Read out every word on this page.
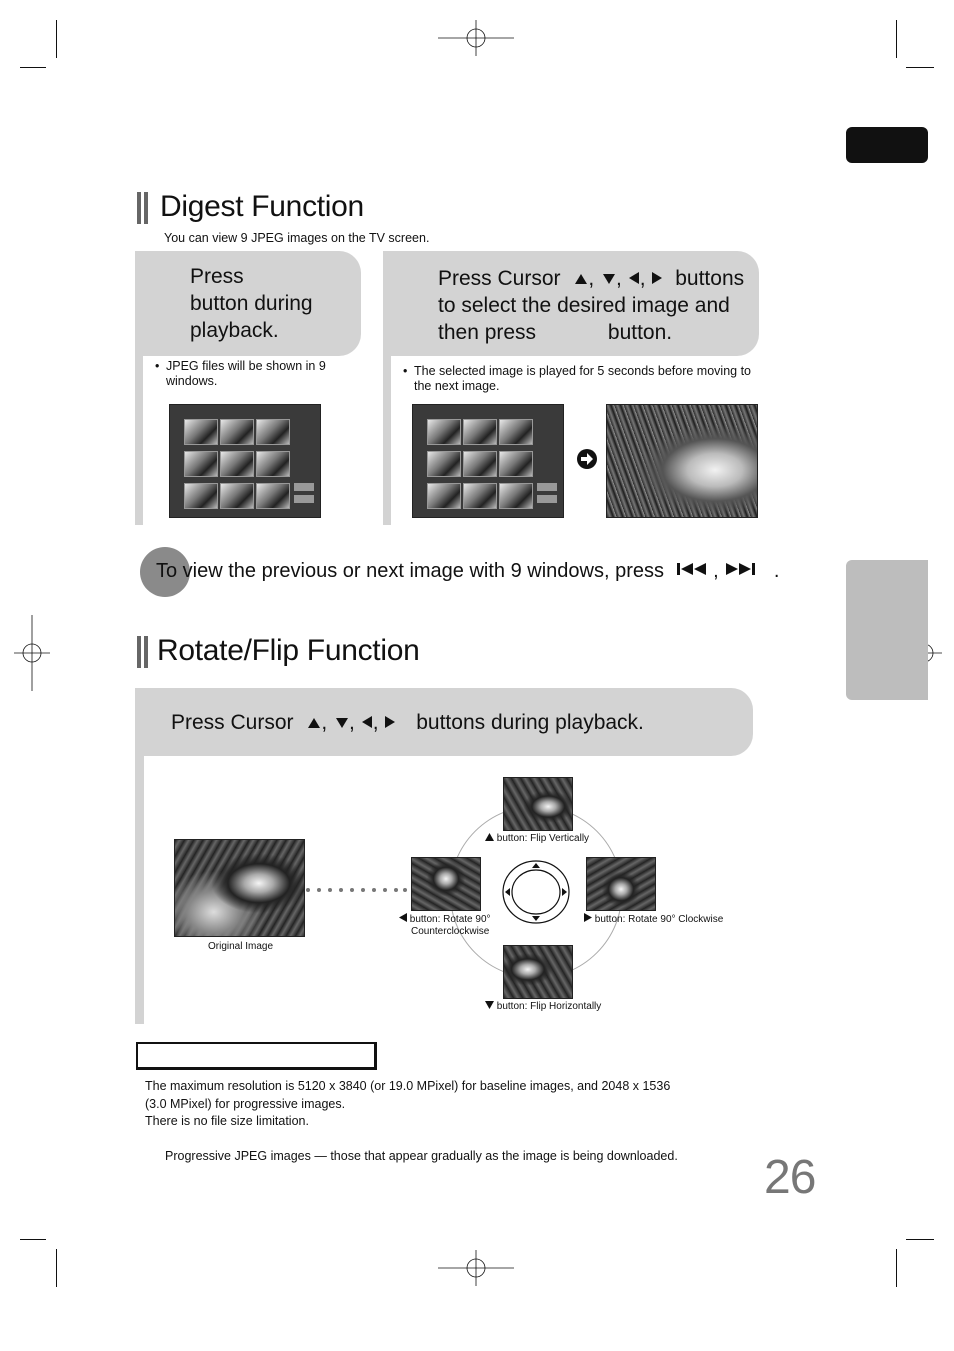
Digest Function
You can view 9 JPEG images on the TV screen.
Press
button during
playback.
• JPEG files will be shown in 9 windows.
Press Cursor , , ,  buttons
to select the desired image and
then press	button.
• The selected image is played for 5 seconds before moving to the next image.
To view the previous or next image with 9 windows, press ,	.
Rotate/Flip Function
Press Cursor , , ,  buttons during playback.
Original Image
button: Flip Vertically
button: Rotate 90°
Counterclockwise
button: Rotate 90° Clockwise
button: Flip Horizontally
The maximum resolution is 5120 x 3840 (or 19.0 MPixel) for baseline images, and 2048 x 1536
(3.0 MPixel) for progressive images.
There is no file size limitation.
Progressive JPEG images — those that appear gradually as the image is being downloaded. 26
